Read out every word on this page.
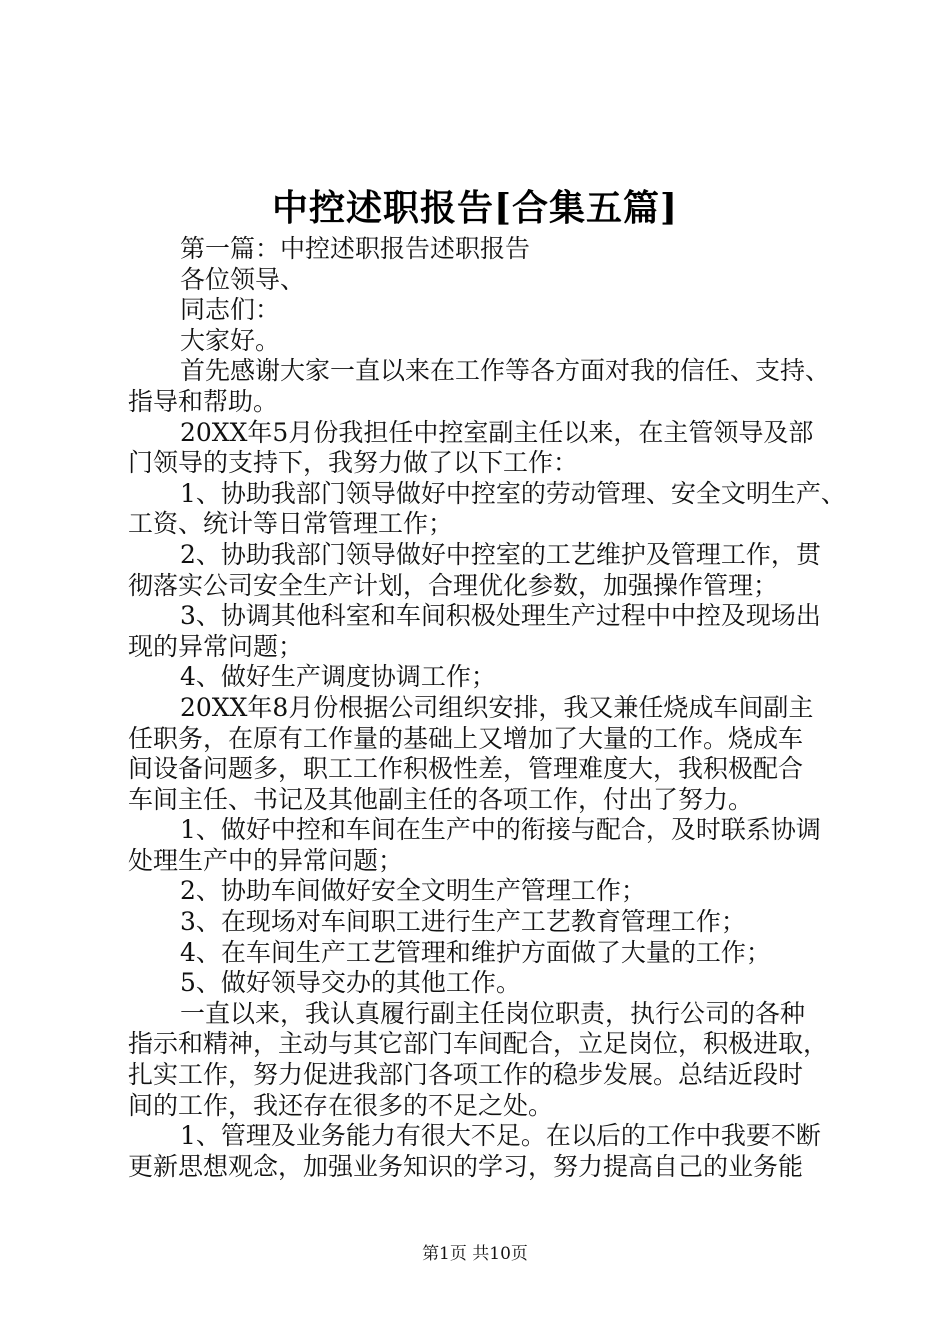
中控述职报告[合集五篇]
第一篇：中控述职报告述职报告
各位领导、
同志们：
大家好。
首先感谢大家一直以来在工作等各方面对我的信任、支持、
指导和帮助。
20XX年5月份我担任中控室副主任以来，在主管领导及部
门领导的支持下，我努力做了以下工作：
1、协助我部门领导做好中控室的劳动管理、安全文明生产、
工资、统计等日常管理工作；
2、协助我部门领导做好中控室的工艺维护及管理工作，贯
彻落实公司安全生产计划，合理优化参数，加强操作管理；
3、协调其他科室和车间积极处理生产过程中中控及现场出
现的异常问题；
4、做好生产调度协调工作；
20XX年8月份根据公司组织安排，我又兼任烧成车间副主
任职务，在原有工作量的基础上又增加了大量的工作。烧成车
间设备问题多，职工工作积极性差，管理难度大，我积极配合
车间主任、书记及其他副主任的各项工作，付出了努力。
1、做好中控和车间在生产中的衔接与配合，及时联系协调
处理生产中的异常问题；
2、协助车间做好安全文明生产管理工作；
3、在现场对车间职工进行生产工艺教育管理工作；
4、在车间生产工艺管理和维护方面做了大量的工作；
5、做好领导交办的其他工作。
一直以来，我认真履行副主任岗位职责，执行公司的各种
指示和精神，主动与其它部门车间配合，立足岗位，积极进取，
扎实工作，努力促进我部门各项工作的稳步发展。总结近段时
间的工作，我还存在很多的不足之处。
1、管理及业务能力有很大不足。在以后的工作中我要不断
更新思想观念，加强业务知识的学习，努力提高自己的业务能
第1页 共10页
